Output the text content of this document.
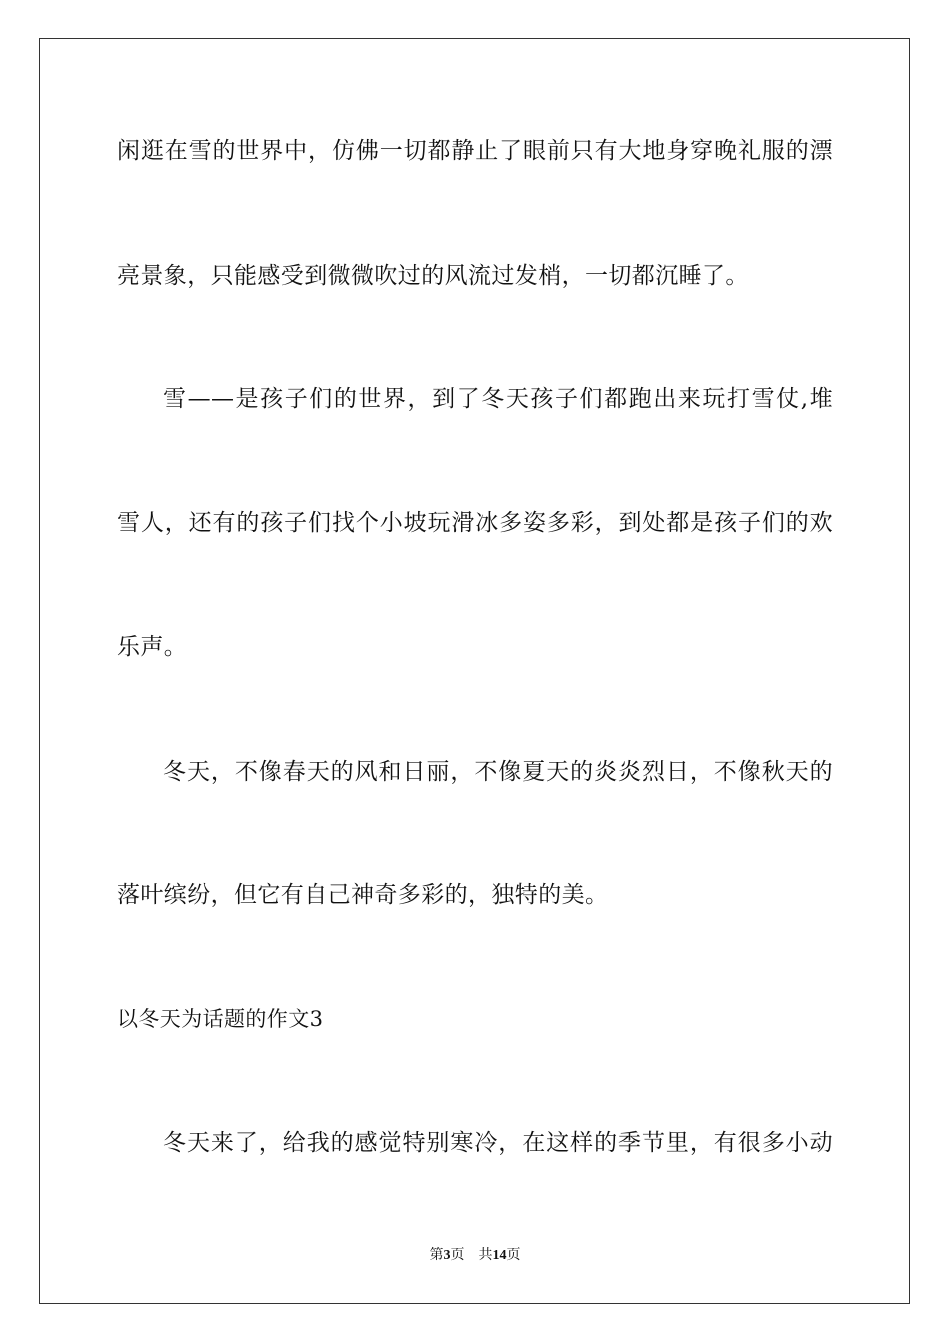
闲逛在雪的世界中，仿佛一切都静止了眼前只有大地身穿晚礼服的漂
亮景象，只能感受到微微吹过的风流过发梢，一切都沉睡了。
雪——是孩子们的世界，到了冬天孩子们都跑出来玩打雪仗,堆
雪人，还有的孩子们找个小坡玩滑冰多姿多彩，到处都是孩子们的欢
乐声。
冬天，不像春天的风和日丽，不像夏天的炎炎烈日，不像秋天的
落叶缤纷，但它有自己神奇多彩的，独特的美。
以冬天为话题的作文3
冬天来了，给我的感觉特别寒冷，在这样的季节里，有很多小动
第3页 共14页
